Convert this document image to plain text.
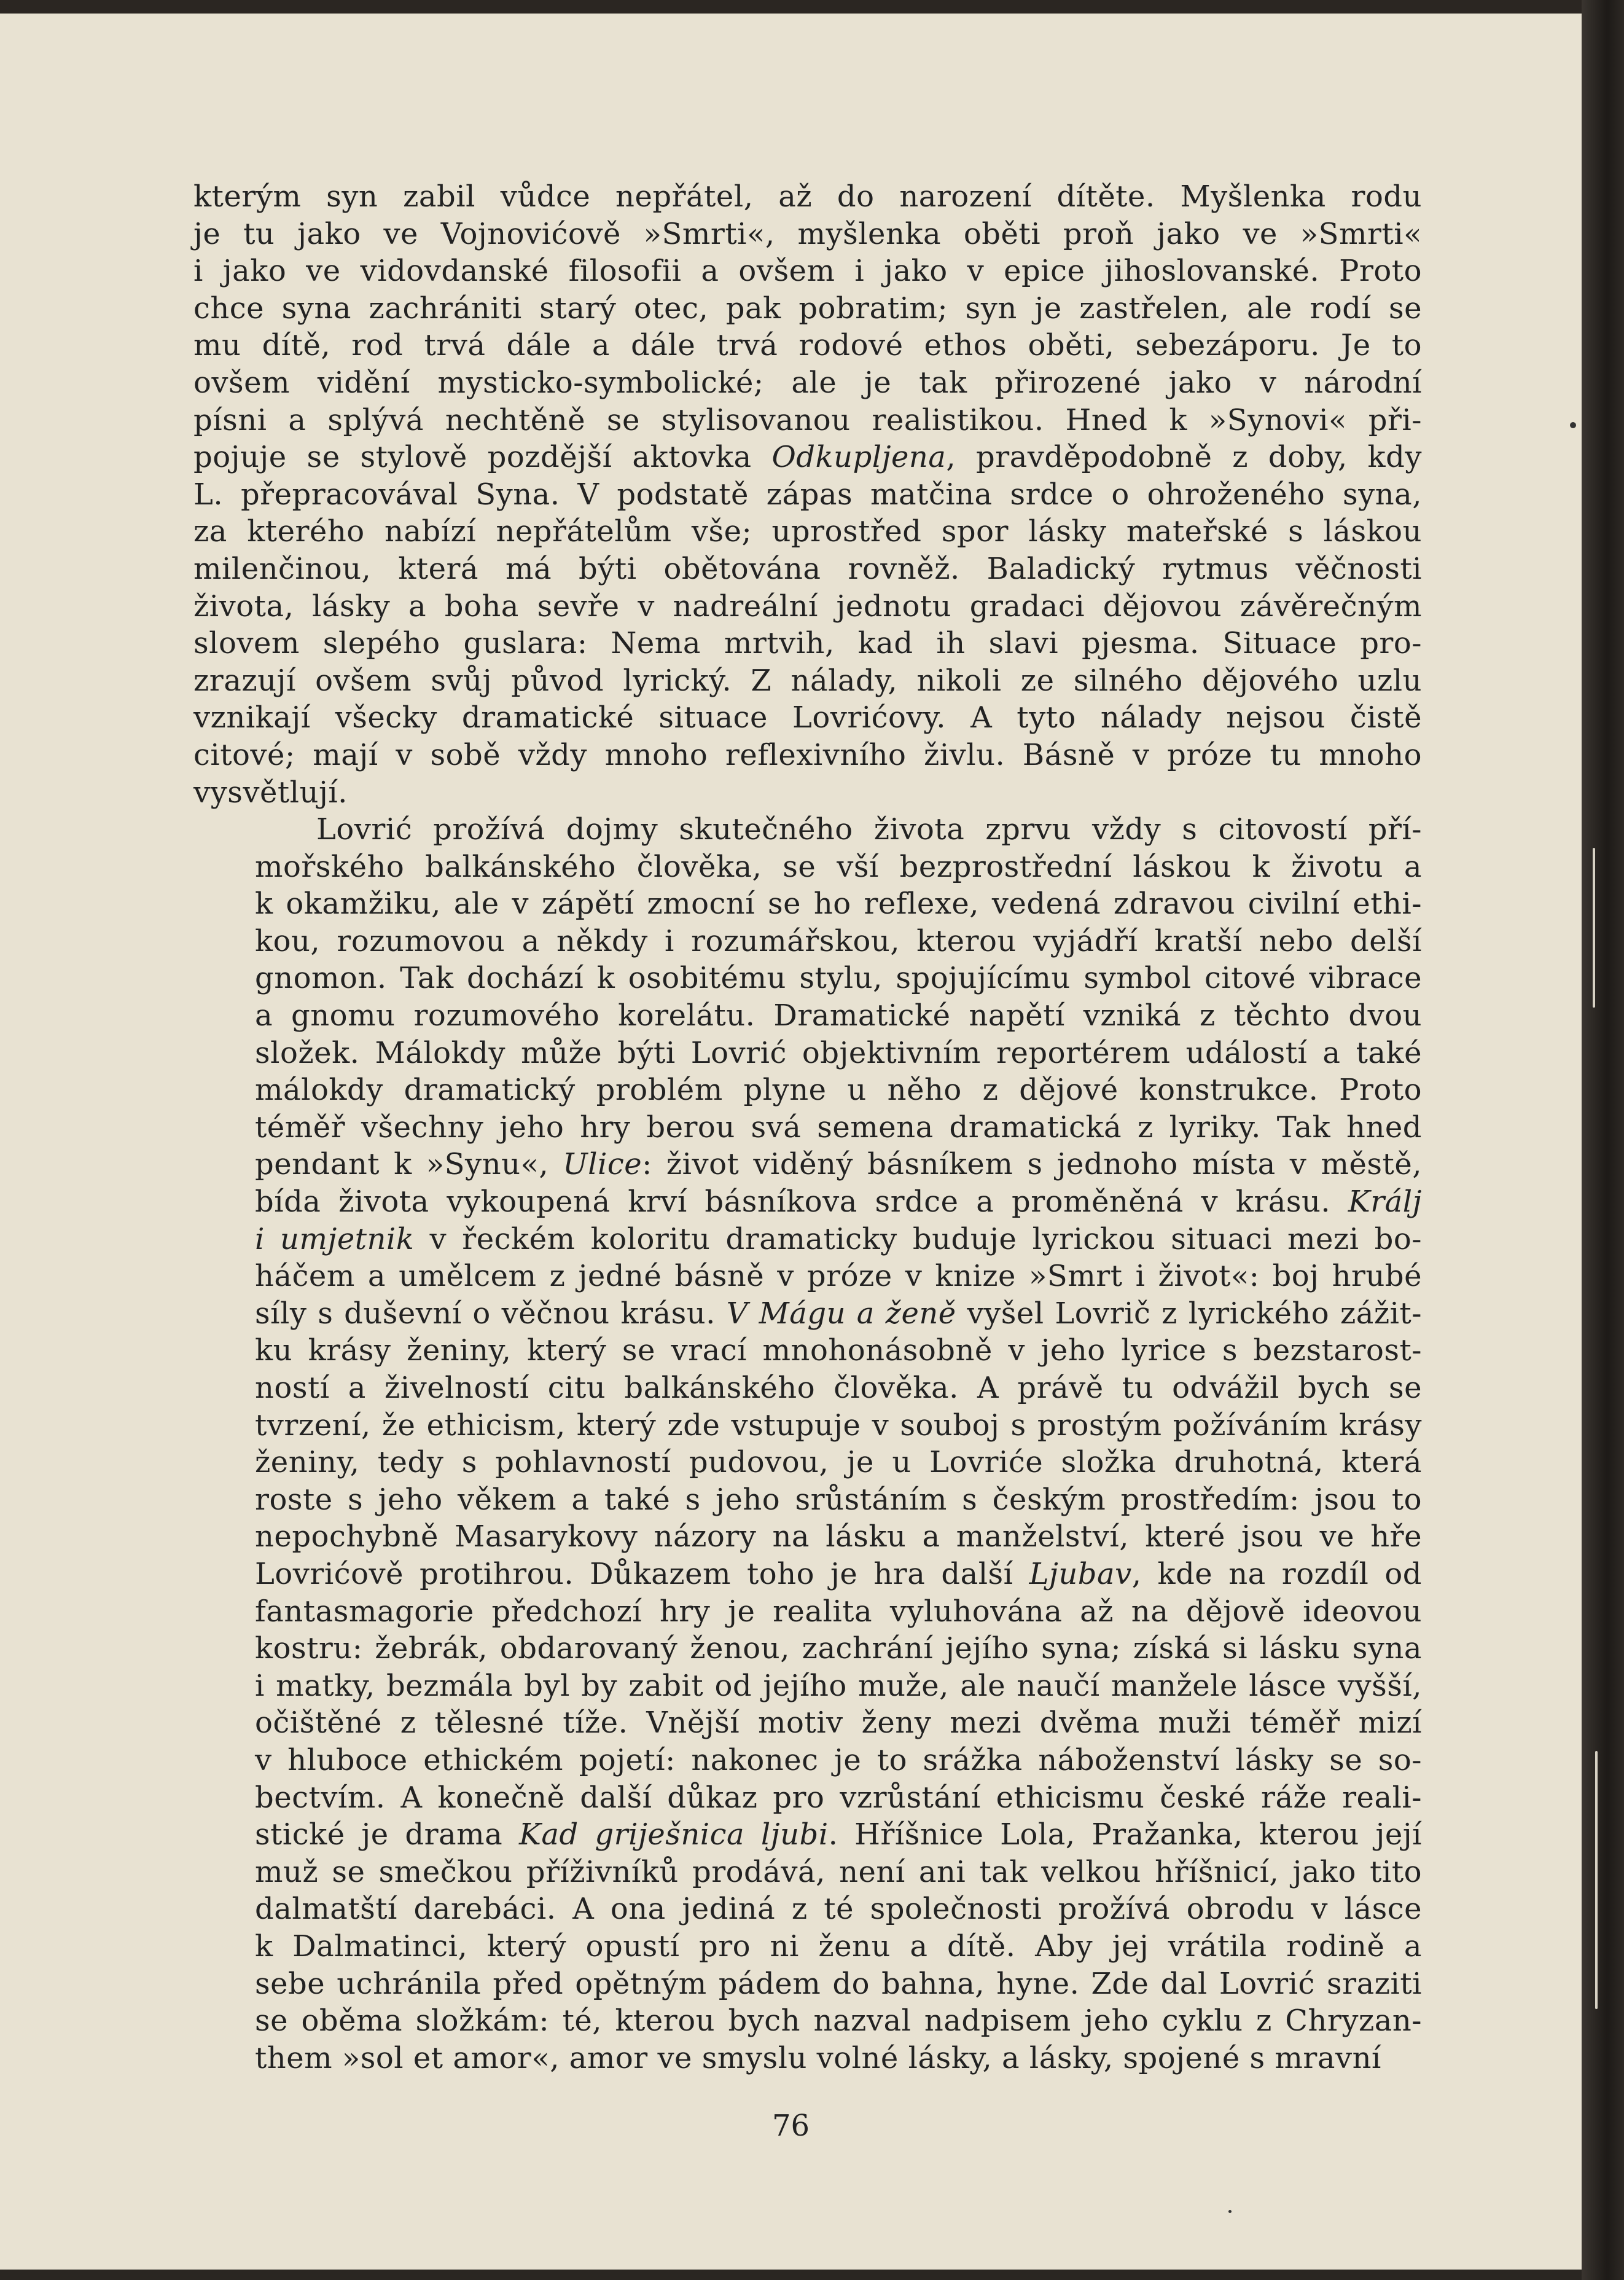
kterým syn zabil vůdce nepřátel, až do narození dítěte. Myšlenka rodu
je tu jako ve Vojnovićově »Smrti«, myšlenka oběti proň jako ve »Smrti«
i jako ve vidovdanské filosofii a ovšem i jako v epice jihoslovanské. Proto
chce syna zachrániti starý otec, pak pobratim; syn je zastřelen, ale rodí se
mu dítě, rod trvá dále a dále trvá rodové ethos oběti, sebezáporu. Je to
ovšem vidění mysticko-symbolické; ale je tak přirozené jako v národní
písni a splývá nechtěně se stylisovanou realistikou. Hned k »Synovi« při-
pojuje se stylově pozdější aktovka Odkupljena, pravděpodobně z doby, kdy
L. přepracovával Syna. V podstatě zápas matčina srdce o ohroženého syna,
za kterého nabízí nepřátelům vše; uprostřed spor lásky mateřské s láskou
milenčinou, která má býti obětována rovněž. Baladický rytmus věčnosti
života, lásky a boha sevře v nadreální jednotu gradaci dějovou závěrečným
slovem slepého guslara: Nema mrtvih, kad ih slavi pjesma. Situace pro-
zrazují ovšem svůj původ lyrický. Z nálady, nikoli ze silného dějového uzlu
vznikají všecky dramatické situace Lovrićovy. A tyto nálady nejsou čistě
citové; mají v sobě vždy mnoho reflexivního živlu. Básně v próze tu mnoho
vysvětlují.

Lovrić prožívá dojmy skutečného života zprvu vždy s citovostí pří-
mořského balkánského člověka, se vší bezprostřední láskou k životu a
k okamžiku, ale v zápětí zmocní se ho reflexe, vedená zdravou civilní ethi-
kou, rozumovou a někdy i rozumářskou, kterou vyjádří kratší nebo delší
gnomon. Tak dochází k osobitému stylu, spojujícímu symbol citové vibrace
a gnomu rozumového korelátu. Dramatické napětí vzniká z těchto dvou
složek. Málokdy může býti Lovrić objektivním reportérem událostí a také
málokdy dramatický problém plyne u něho z dějové konstrukce. Proto
téměř všechny jeho hry berou svá semena dramatická z lyriky. Tak hned
pendant k »Synu«, Ulice: život viděný básníkem s jednoho místa v městě,
bída života vykoupená krví básníkova srdce a proměněná v krásu. Králj
i umjetnik v řeckém koloritu dramaticky buduje lyrickou situaci mezi bo-
háčem a umělcem z jedné básně v próze v knize »Smrt i život«: boj hrubé
síly s duševní o věčnou krásu. V Mágu a ženě vyšel Lovrič z lyrického zážit-
ku krásy ženiny, který se vrací mnohonásobně v jeho lyrice s bezstarost-
ností a živelností citu balkánského člověka. A právě tu odvážil bych se
tvrzení, že ethicism, který zde vstupuje v souboj s prostým požíváním krásy
ženiny, tedy s pohlavností pudovou, je u Lovriće složka druhotná, která
roste s jeho věkem a také s jeho srůstáním s českým prostředím: jsou to
nepochybně Masarykovy názory na lásku a manželství, které jsou ve hře
Lovrićově protihrou. Důkazem toho je hra další Ljubav, kde na rozdíl od
fantasmagorie předchozí hry je realita vyluhována až na dějově ideovou
kostru: žebrák, obdarovaný ženou, zachrání jejího syna; získá si lásku syna
i matky, bezmála byl by zabit od jejího muže, ale naučí manžele lásce vyšší,
očištěné z tělesné tíže. Vnější motiv ženy mezi dvěma muži téměř mizí
v hluboce ethickém pojetí: nakonec je to srážka náboženství lásky se so-
bectvím. A konečně další důkaz pro vzrůstání ethicismu české ráže reali-
stické je drama Kad griješnica ljubi. Hříšnice Lola, Pražanka, kterou její
muž se smečkou příživníků prodává, není ani tak velkou hříšnicí, jako tito
dalmatští darebáci. A ona jediná z té společnosti prožívá obrodu v lásce
k Dalmatinci, který opustí pro ni ženu a dítě. Aby jej vrátila rodině a
sebe uchránila před opětným pádem do bahna, hyne. Zde dal Lovrić sraziti
se oběma složkám: té, kterou bych nazval nadpisem jeho cyklu z Chryzan-
them »sol et amor«, amor ve smyslu volné lásky, a lásky, spojené s mravní

76
